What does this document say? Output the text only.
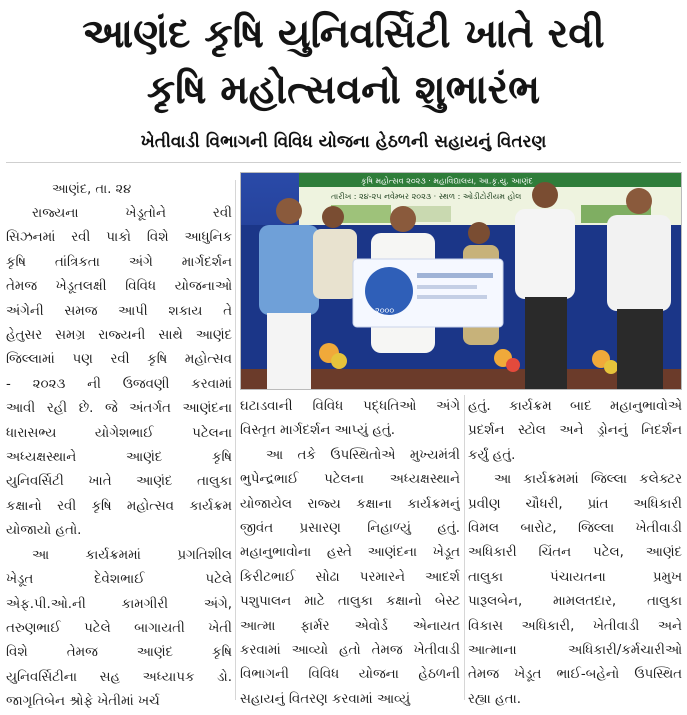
આણંદ કૃષિ યુનિવર્સિટી ખાતે રવી
કૃષિ મહોત્સવનો શુભારંભ
ખેતીવાડી વિભાગની વિવિધ યોજના હેઠળની સહાયનું વિતરણ
આણંદ, તા. ૨૪

રાજ્યના ખેડૂતોને રવી

સિઝનમાં રવી પાકો વિશે આધુનિક

કૃષિ તાંત્રિકતા અંગે માર્ગદર્શન

તેમજ ખેડૂતલક્ષી વિવિધ યોજનાઓ

અંગેની સમજ આપી શકાય તે

હેતુસર સમગ્ર રાજ્યની સાથે આણંદ

જિલ્લામાં પણ રવી કૃષિ મહોત્સવ

- ૨૦૨૩ ની ઉજવણી કરવામાં

આવી રહી છે. જે અંતર્ગત આણંદના

ધારાસભ્ય યોગેશભાઈ પટેલના

અધ્યક્ષસ્થાને આણંદ કૃષિ

યુનિવર્સિટી ખાતે આણંદ તાલુકા

કક્ષાનો રવી કૃષિ મહોત્સવ કાર્યક્રમ

યોજાયો હતો.

આ કાર્યક્રમમાં પ્રગતિશીલ

ખેડૂત દેવેશભાઈ પટેલે

એફ.પી.ઓ.ની કામગીરી અંગે,

તરુણભાઈ પટેલે બાગાયતી ખેતી

વિશે તેમજ આણંદ કૃષિ

યુનિવર્સિટીના સહ અધ્યાપક ડો.

જાગૃતિબેન શ્રોફે ખેતીમાં ખર્ચ

કૃષિ મહોત્સવ ૨૦૨૩ · મહાવિદ્યાલય, આ.કૃ.યુ. આણંદ
તારીખ : ૨૪-૨૫ નવેમ્બર ૨૦૨૩ · સ્થળ : ઓડીટોરીયમ હોલ
૨૦૦૦

ઘટાડવાની વિવિધ પદ્ધતિઓ અંગે

વિસ્તૃત માર્ગદર્શન આપ્યું હતું.

આ તકે ઉપસ્થિતોએ મુખ્યમંત્રી

ભુપેન્દ્રભાઈ પટેલના અધ્યક્ષસ્થાને

યોજાયેલ રાજ્ય કક્ષાના કાર્યક્રમનું

જીવંત પ્રસારણ નિહાળ્યું હતું.

મહાનુભાવોના હસ્તે આણંદના ખેડૂત

કિરીટભાઈ સોઢા પરમારને આદર્શ

પશુપાલન માટે તાલુકા કક્ષાનો બેસ્ટ

આત્મા ફાર્મર એવોર્ડ એનાયત

કરવામાં આવ્યો હતો તેમજ ખેતીવાડી

વિભાગની વિવિધ યોજના હેઠળની

સહાયનું વિતરણ કરવામાં આવ્યું

હતું. કાર્યક્રમ બાદ મહાનુભાવોએ

પ્રદર્શન સ્ટોલ અને ડ્રોનનું નિદર્શન

કર્યું હતું.

આ કાર્યક્રમમાં જિલ્લા કલેક્ટર

પ્રવીણ ચૌધરી, પ્રાંત અધિકારી

વિમલ બારોટ, જિલ્લા ખેતીવાડી

અધિકારી ચિંતન પટેલ, આણંદ

તાલુકા પંચાયતના પ્રમુખ

પારૂલબેન, મામલતદાર, તાલુકા

વિકાસ અધિકારી, ખેતીવાડી અને

આત્માના અધિકારી/કર્મચારીઓ

તેમજ ખેડૂત ભાઈ-બહેનો ઉપસ્થિત

રહ્યા હતા.
